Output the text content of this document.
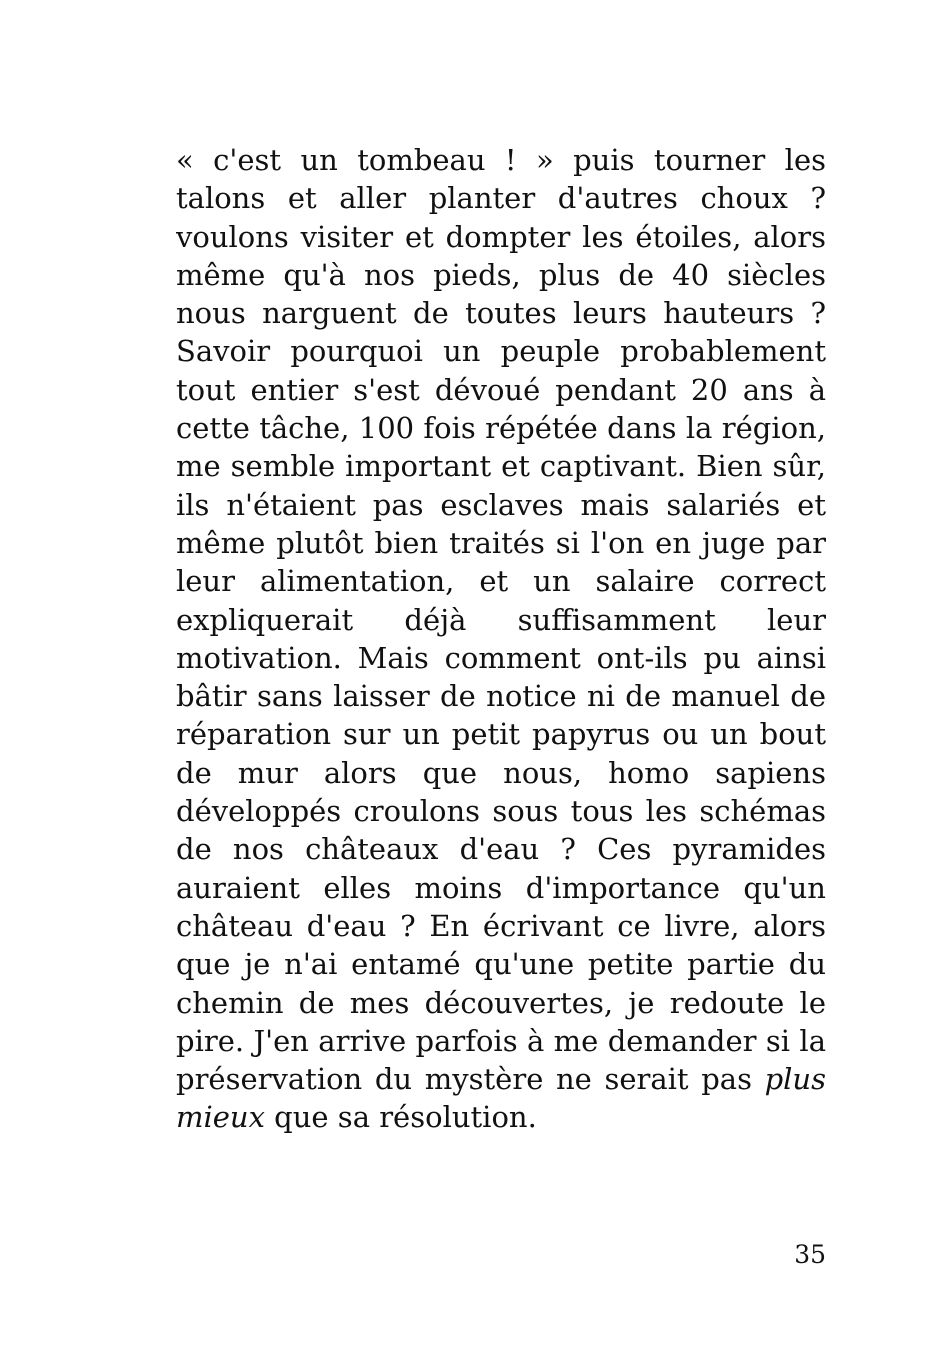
« c'est un tombeau ! » puis tourner les
talons et aller planter d'autres choux ?
voulons visiter et dompter les étoiles, alors
même qu'à nos pieds, plus de 40 siècles
nous narguent de toutes leurs hauteurs ?
Savoir pourquoi un peuple probablement
tout entier s'est dévoué pendant 20 ans à
cette tâche, 100 fois répétée dans la région,
me semble important et captivant. Bien sûr,
ils n'étaient pas esclaves mais salariés et
même plutôt bien traités si l'on en juge par
leur alimentation, et un salaire correct
expliquerait déjà suffisamment leur
motivation. Mais comment ont-ils pu ainsi
bâtir sans laisser de notice ni de manuel de
réparation sur un petit papyrus ou un bout
de mur alors que nous, homo sapiens
développés croulons sous tous les schémas
de nos châteaux d'eau ? Ces pyramides
auraient elles moins d'importance qu'un
château d'eau ? En écrivant ce livre, alors
que je n'ai entamé qu'une petite partie du
chemin de mes découvertes, je redoute le
pire. J'en arrive parfois à me demander si la
préservation du mystère ne serait pas plus
mieux que sa résolution.
35
